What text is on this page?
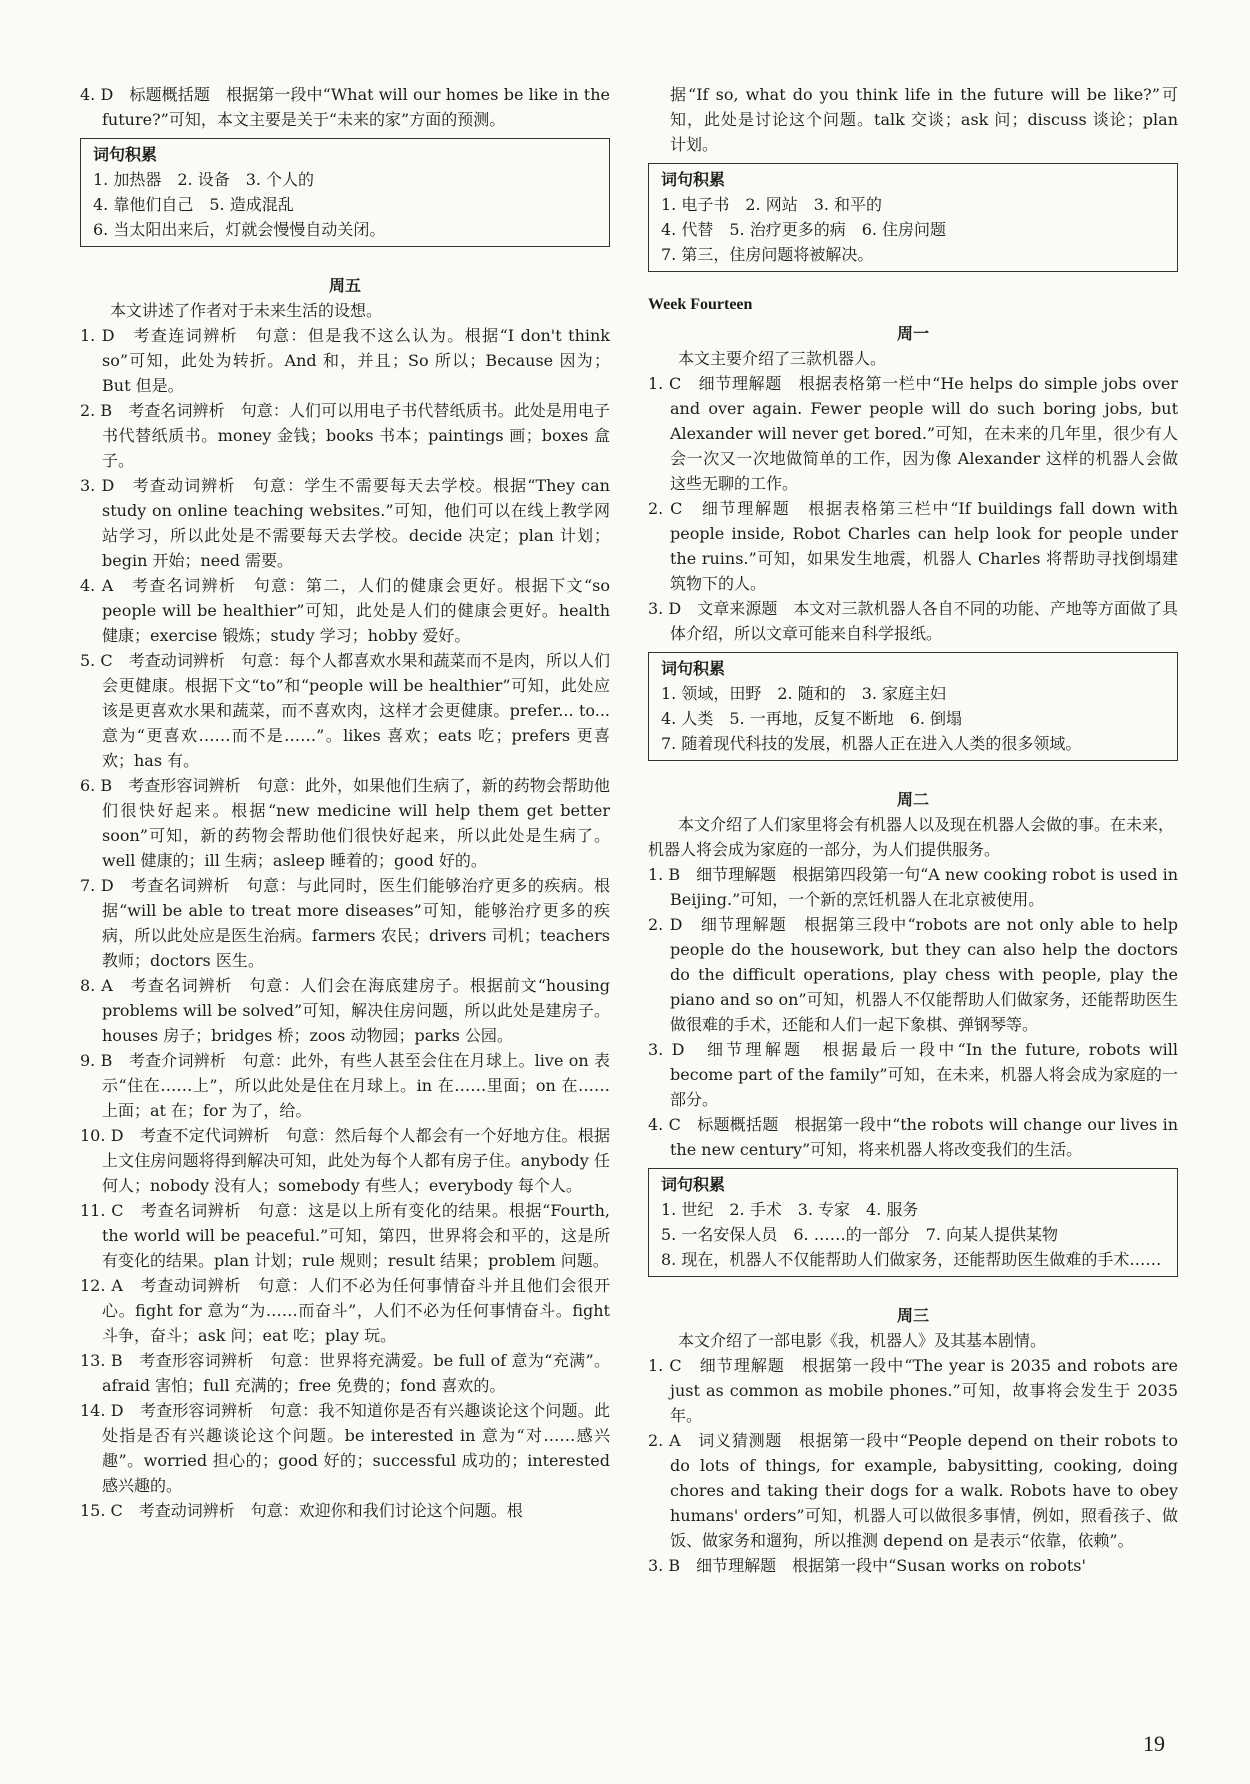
4. D　标题概括题　根据第一段中“What will our homes be like in the future?”可知，本文主要是关于“未来的家”方面的预测。

词句积累

1. 加热器　2. 设备　3. 个人的

4. 靠他们自己　5. 造成混乱

6. 当太阳出来后，灯就会慢慢自动关闭。

周五

本文讲述了作者对于未来生活的设想。

1. D　考查连词辨析　句意：但是我不这么认为。根据“I don't think so”可知，此处为转折。And 和，并且；So 所以；Because 因为；But 但是。

2. B　考查名词辨析　句意：人们可以用电子书代替纸质书。此处是用电子书代替纸质书。money 金钱；books 书本；paintings 画；boxes 盒子。

3. D　考查动词辨析　句意：学生不需要每天去学校。根据“They can study on online teaching websites.”可知，他们可以在线上教学网站学习，所以此处是不需要每天去学校。decide 决定；plan 计划；begin 开始；need 需要。

4. A　考查名词辨析　句意：第二，人们的健康会更好。根据下文“so people will be healthier”可知，此处是人们的健康会更好。health 健康；exercise 锻炼；study 学习；hobby 爱好。

5. C　考查动词辨析　句意：每个人都喜欢水果和蔬菜而不是肉，所以人们会更健康。根据下文“to”和“people will be healthier”可知，此处应该是更喜欢水果和蔬菜，而不喜欢肉，这样才会更健康。prefer... to... 意为“更喜欢……而不是……”。likes 喜欢；eats 吃；prefers 更喜欢；has 有。

6. B　考查形容词辨析　句意：此外，如果他们生病了，新的药物会帮助他们很快好起来。根据“new medicine will help them get better soon”可知，新的药物会帮助他们很快好起来，所以此处是生病了。well 健康的；ill 生病；asleep 睡着的；good 好的。

7. D　考查名词辨析　句意：与此同时，医生们能够治疗更多的疾病。根据“will be able to treat more diseases”可知，能够治疗更多的疾病，所以此处应是医生治病。farmers 农民；drivers 司机；teachers 教师；doctors 医生。

8. A　考查名词辨析　句意：人们会在海底建房子。根据前文“housing problems will be solved”可知，解决住房问题，所以此处是建房子。houses 房子；bridges 桥；zoos 动物园；parks 公园。

9. B　考查介词辨析　句意：此外，有些人甚至会住在月球上。live on 表示“住在……上”，所以此处是住在月球上。in 在……里面；on 在……上面；at 在；for 为了，给。

10. D　考查不定代词辨析　句意：然后每个人都会有一个好地方住。根据上文住房问题将得到解决可知，此处为每个人都有房子住。anybody 任何人；nobody 没有人；somebody 有些人；everybody 每个人。

11. C　考查名词辨析　句意：这是以上所有变化的结果。根据“Fourth, the world will be peaceful.”可知，第四，世界将会和平的，这是所有变化的结果。plan 计划；rule 规则；result 结果；problem 问题。

12. A　考查动词辨析　句意：人们不必为任何事情奋斗并且他们会很开心。fight for 意为“为……而奋斗”，人们不必为任何事情奋斗。fight 斗争，奋斗；ask 问；eat 吃；play 玩。

13. B　考查形容词辨析　句意：世界将充满爱。be full of 意为“充满”。afraid 害怕；full 充满的；free 免费的；fond 喜欢的。

14. D　考查形容词辨析　句意：我不知道你是否有兴趣谈论这个问题。此处指是否有兴趣谈论这个问题。be interested in 意为“对……感兴趣”。worried 担心的；good 好的；successful 成功的；interested 感兴趣的。

15. C　考查动词辨析　句意：欢迎你和我们讨论这个问题。根

据“If so, what do you think life in the future will be like?”可知，此处是讨论这个问题。talk 交谈；ask 问；discuss 谈论；plan 计划。

词句积累

1. 电子书　2. 网站　3. 和平的

4. 代替　5. 治疗更多的病　6. 住房问题

7. 第三，住房问题将被解决。

Week Fourteen
周一

本文主要介绍了三款机器人。

1. C　细节理解题　根据表格第一栏中“He helps do simple jobs over and over again. Fewer people will do such boring jobs, but Alexander will never get bored.”可知，在未来的几年里，很少有人会一次又一次地做简单的工作，因为像 Alexander 这样的机器人会做这些无聊的工作。

2. C　细节理解题　根据表格第三栏中“If buildings fall down with people inside, Robot Charles can help look for people under the ruins.”可知，如果发生地震，机器人 Charles 将帮助寻找倒塌建筑物下的人。

3. D　文章来源题　本文对三款机器人各自不同的功能、产地等方面做了具体介绍，所以文章可能来自科学报纸。

词句积累

1. 领域，田野　2. 随和的　3. 家庭主妇

4. 人类　5. 一再地，反复不断地　6. 倒塌

7. 随着现代科技的发展，机器人正在进入人类的很多领域。

周二

本文介绍了人们家里将会有机器人以及现在机器人会做的事。在未来，机器人将会成为家庭的一部分，为人们提供服务。

1. B　细节理解题　根据第四段第一句“A new cooking robot is used in Beijing.”可知，一个新的烹饪机器人在北京被使用。

2. D　细节理解题　根据第三段中“robots are not only able to help people do the housework, but they can also help the doctors do the difficult operations, play chess with people, play the piano and so on”可知，机器人不仅能帮助人们做家务，还能帮助医生做很难的手术，还能和人们一起下象棋、弹钢琴等。

3. D　细节理解题　根据最后一段中“In the future, robots will become part of the family”可知，在未来，机器人将会成为家庭的一部分。

4. C　标题概括题　根据第一段中“the robots will change our lives in the new century”可知，将来机器人将改变我们的生活。

词句积累

1. 世纪　2. 手术　3. 专家　4. 服务

5. 一名安保人员　6. ……的一部分　7. 向某人提供某物

8. 现在，机器人不仅能帮助人们做家务，还能帮助医生做难的手术……

周三

本文介绍了一部电影《我，机器人》及其基本剧情。

1. C　细节理解题　根据第一段中“The year is 2035 and robots are just as common as mobile phones.”可知，故事将会发生于 2035 年。

2. A　词义猜测题　根据第一段中“People depend on their robots to do lots of things, for example, babysitting, cooking, doing chores and taking their dogs for a walk. Robots have to obey humans' orders”可知，机器人可以做很多事情，例如，照看孩子、做饭、做家务和遛狗，所以推测 depend on 是表示“依靠，依赖”。

3. B　细节理解题　根据第一段中“Susan works on robots'

19
